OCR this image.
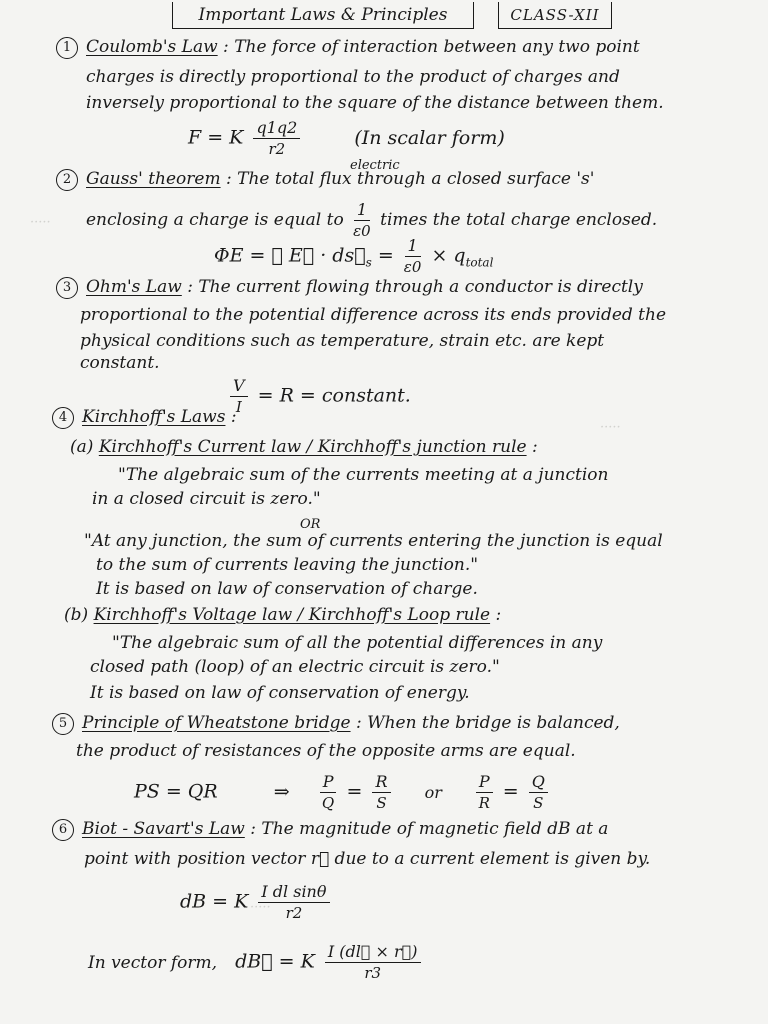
Important Laws & Principles	CLASS-XII
·····
·····
·····
1 Coulomb's Law : The force of interaction between any two point
charges is directly proportional to the product of charges and
inversely proportional to the square of the distance between them.
F = K $\frac{q1q2}{r2}$	(In scalar form)
electric
2 Gauss' theorem : The total flux through a closed surface 's'
enclosing a charge is equal to $\frac{1}{\varepsilon 0}$ times the total charge enclosed.
ΦE = ∮ E⃗ · $ds⃗_s = \frac{1}{\varepsilon 0} \times q_{total}$
3 Ohm's Law : The current flowing through a conductor is directly
proportional to the potential difference across its ends provided the
physical conditions such as temperature, strain etc. are kept
constant.
$\frac{V}{I} = R$ = constant.
4 Kirchhoff's Laws :
(a) Kirchhoff's Current law / Kirchhoff's junction rule :
"The algebraic sum of the currents meeting at a junction
in a closed circuit is zero."
OR
"At any junction, the sum of currents entering the junction is equal
to the sum of currents leaving the junction."
It is based on law of conservation of charge.
(b) Kirchhoff's Voltage law / Kirchhoff's Loop rule :
"The algebraic sum of all the potential differences in any
closed path (loop) of an electric circuit is zero."
It is based on law of conservation of energy.
5 Principle of Wheatstone bridge : When the bridge is balanced,
the product of resistances of the opposite arms are equal.
PS = QR	⇒ $\frac{P}{Q} = \frac{R}{S}$ or $\frac{P}{R} = \frac{Q}{S}$
6 Biot - Savart's Law : The magnitude of magnetic field dB at a
point with position vector r⃗ due to a current element is given by.
dB = K $\frac{\text{I dl sinθ}}{r2}$
In vector form, dB⃗ = K $\frac{I (dl⃗ \times r⃗)}{r3}$
